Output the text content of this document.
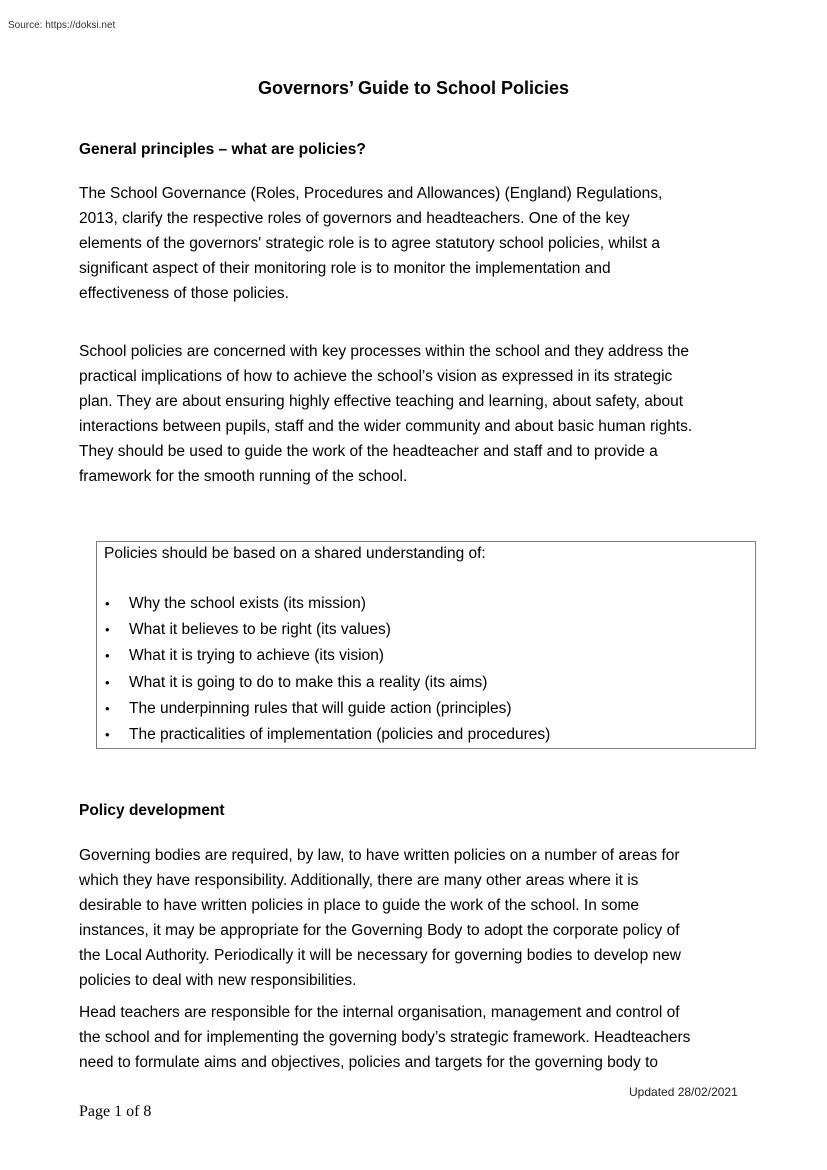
Source: https://doksi.net
Governors’ Guide to School Policies
General principles – what are policies?

The School Governance (Roles, Procedures and Allowances) (England) Regulations,
2013, clarify the respective roles of governors and headteachers. One of the key
elements of the governors' strategic role is to agree statutory school policies, whilst a
significant aspect of their monitoring role is to monitor the implementation and
effectiveness of those policies.

School policies are concerned with key processes within the school and they address the
practical implications of how to achieve the school’s vision as expressed in its strategic
plan. They are about ensuring highly effective teaching and learning, about safety, about
interactions between pupils, staff and the wider community and about basic human rights.
They should be used to guide the work of the headteacher and staff and to provide a
framework for the smooth running of the school.

Policies should be based on a shared understanding of:

• Why the school exists (its mission)
• What it believes to be right (its values)
• What it is trying to achieve (its vision)
• What it is going to do to make this a reality (its aims)
• The underpinning rules that will guide action (principles)
• The practicalities of implementation (policies and procedures)
Policy development

Governing bodies are required, by law, to have written policies on a number of areas for
which they have responsibility. Additionally, there are many other areas where it is
desirable to have written policies in place to guide the work of the school. In some
instances, it may be appropriate for the Governing Body to adopt the corporate policy of
the Local Authority. Periodically it will be necessary for governing bodies to develop new
policies to deal with new responsibilities.

Head teachers are responsible for the internal organisation, management and control of
the school and for implementing the governing body’s strategic framework. Headteachers
need to formulate aims and objectives, policies and targets for the governing body to

Updated 28/02/2021
Page 1 of 8
